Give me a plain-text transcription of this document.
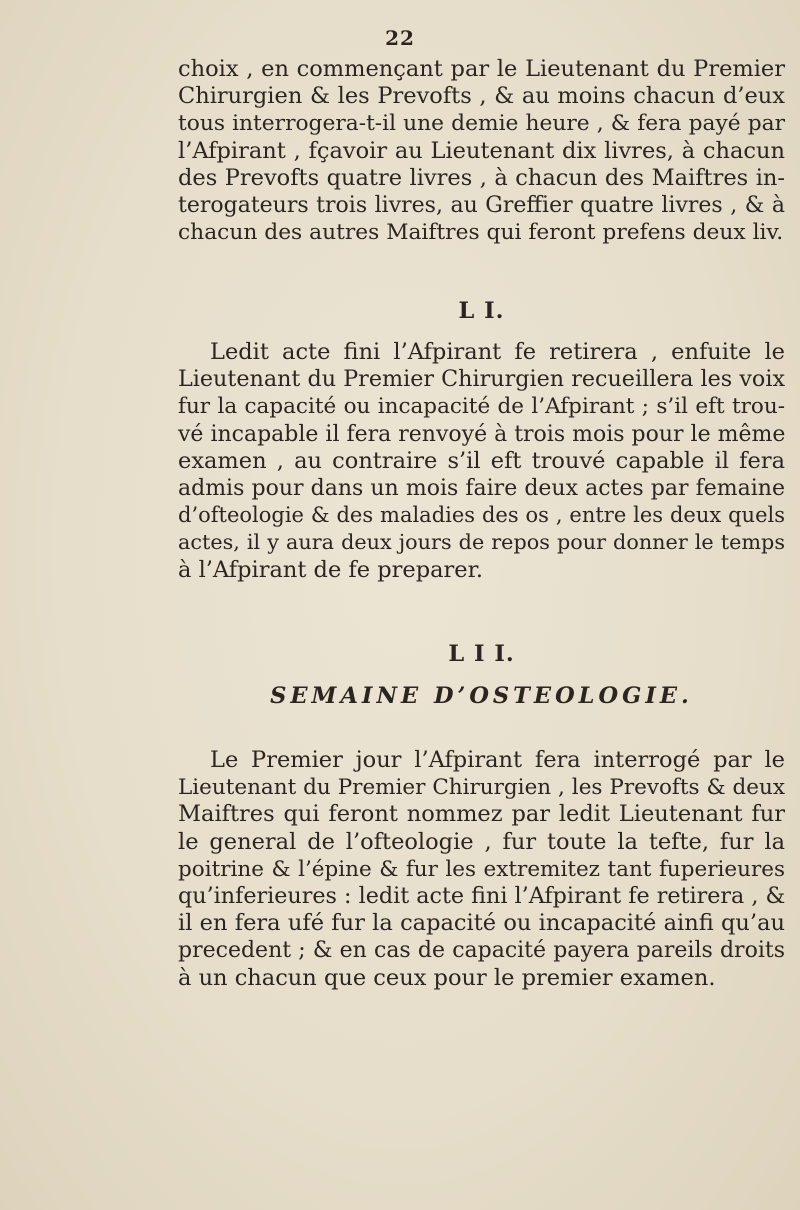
22
choix , en commençant par le Lieutenant du Premier
Chirurgien & les Prevofts , & au moins chacun d’eux
tous interrogera-t-il une demie heure , & fera payé par
l’Afpirant , fçavoir au Lieutenant dix livres, à chacun
des Prevofts quatre livres , à chacun des Maiftres in-
terogateurs trois livres, au Greffier quatre livres , & à
chacun des autres Maiftres qui feront prefens deux liv.
L I.
Ledit acte fini l’Afpirant fe retirera , enfuite le
Lieutenant du Premier Chirurgien recueillera les voix
fur la capacité ou incapacité de l’Afpirant ; s’il eft trou-
vé incapable il fera renvoyé à trois mois pour le même
examen , au contraire s’il eft trouvé capable il fera
admis pour dans un mois faire deux actes par femaine
d’ofteologie & des maladies des os , entre les deux quels
actes, il y aura deux jours de repos pour donner le temps
à l’Afpirant de fe preparer.
L I I.
SEMAINE D’OSTEOLOGIE.
Le Premier jour l’Afpirant fera interrogé par le
Lieutenant du Premier Chirurgien , les Prevofts & deux
Maiftres qui feront nommez par ledit Lieutenant fur
le general de l’ofteologie , fur toute la tefte, fur la
poitrine & l’épine & fur les extremitez tant fuperieures
qu’inferieures : ledit acte fini l’Afpirant fe retirera , &
il en fera ufé fur la capacité ou incapacité ainfi qu’au
precedent ; & en cas de capacité payera pareils droits
à un chacun que ceux pour le premier examen.
